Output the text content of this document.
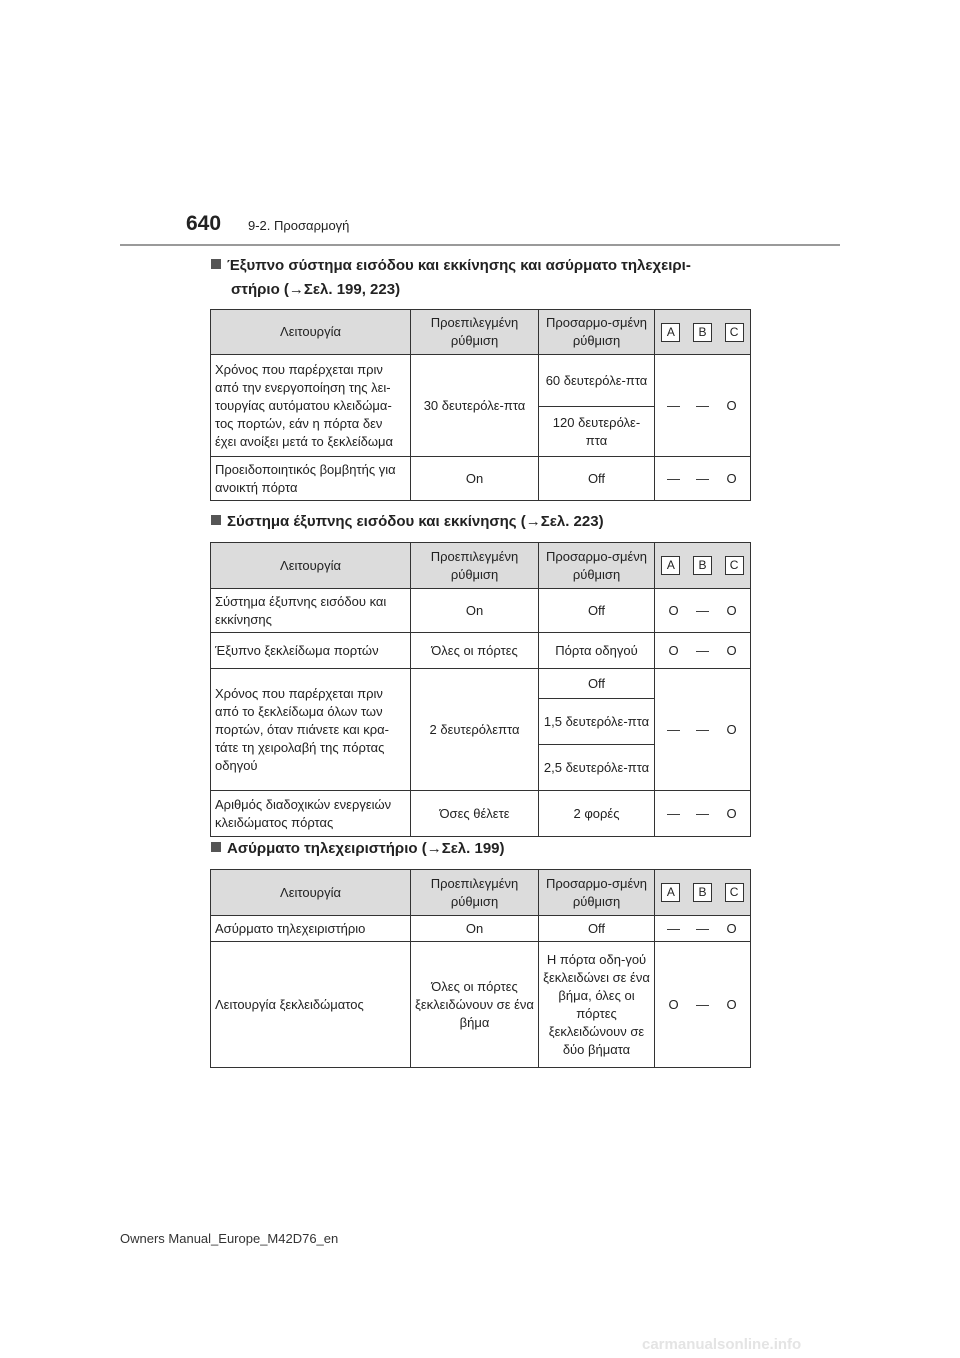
640 9-2. Προσαρμογή
Έξυπνο σύστημα εισόδου και εκκίνησης και ασύρματο τηλεχειρι-
στήριο (→Σελ. 199, 223)
Λειτουργία	Προεπιλεγμένη ρύθμιση	Προσαρμο-σμένη ρύθμιση	A B C

Χρόνος που παρέρχεται πριν από την ενεργοποίηση της λει-τουργίας αυτόματου κλειδώμα-τος πορτών, εάν η πόρτα δεν έχει ανοίξει μετά το ξεκλείδωμα	30 δευτερόλε-πτα	60 δευτερόλε-πτα	— — O

		120 δευτερόλε-πτα	
Προειδοποιητικός βομβητής για ανοικτή πόρτα	On	Off	— — O
Σύστημα έξυπνης εισόδου και εκκίνησης (→Σελ. 223)
Λειτουργία	Προεπιλεγμένη ρύθμιση	Προσαρμο-σμένη ρύθμιση	A B C

Σύστημα έξυπνης εισόδου και εκκίνησης	On	Off	O — O

Έξυπνο ξεκλείδωμα πορτών	Όλες οι πόρτες	Πόρτα οδηγού	O — O

Χρόνος που παρέρχεται πριν από το ξεκλείδωμα όλων των πορτών, όταν πιάνετε και κρα-τάτε τη χειρολαβή της πόρτας οδηγού	2 δευτερόλεπτα	Off	— — O

		1,5 δευτερόλε-πτα	
		2,5 δευτερόλε-πτα	
Αριθμός διαδοχικών ενεργειών κλειδώματος πόρτας	Όσες θέλετε	2 φορές	— — O
Ασύρματο τηλεχειριστήριο (→Σελ. 199)
Λειτουργία	Προεπιλεγμένη ρύθμιση	Προσαρμο-σμένη ρύθμιση	A B C

Ασύρματο τηλεχειριστήριο	On	Off	— — O

Λειτουργία ξεκλειδώματος	Όλες οι πόρτες ξεκλειδώνουν σε ένα βήμα	Η πόρτα οδη-γού ξεκλειδώνει σε ένα βήμα, όλες οι πόρτες ξεκλειδώνουν σε δύο βήματα	O — O
Owners Manual_Europe_M42D76_en
carmanualsonline.info
